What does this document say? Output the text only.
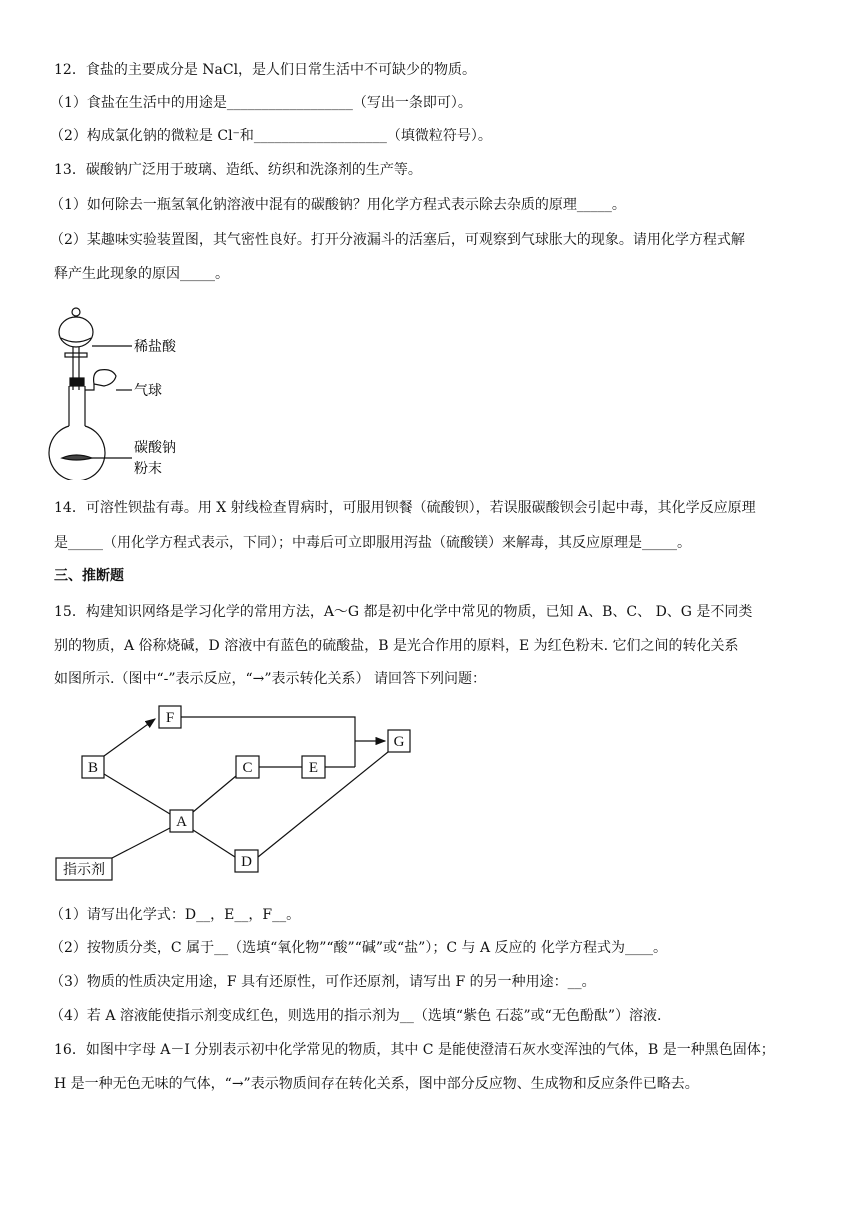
12．食盐的主要成分是 NaCl，是人们日常生活中不可缺少的物质。
（1）食盐在生活中的用途是__________________（写出一条即可）。
（2）构成氯化钠的微粒是 Cl⁻和___________________（填微粒符号）。
13．碳酸钠广泛用于玻璃、造纸、纺织和洗涤剂的生产等。
（1）如何除去一瓶氢氧化钠溶液中混有的碳酸钠？用化学方程式表示除去杂质的原理_____。
（2）某趣味实验装置图，其气密性良好。打开分液漏斗的活塞后，可观察到气球胀大的现象。请用化学方程式解
释产生此现象的原因_____。
稀盐酸
气球
碳酸钠
粉末
14．可溶性钡盐有毒。用 X 射线检查胃病时，可服用钡餐（硫酸钡），若误服碳酸钡会引起中毒，其化学反应原理
是_____（用化学方程式表示，下同）；中毒后可立即服用泻盐（硫酸镁）来解毒，其反应原理是_____。
三、推断题
15．构建知识网络是学习化学的常用方法，A～G 都是初中化学中常见的物质，已知 A、B、C、 D、G 是不同类
别的物质，A 俗称烧碱，D 溶液中有蓝色的硫酸盐，B 是光合作用的原料，E 为红色粉末. 它们之间的转化关系
如图所示.（图中“-”表示反应，“→”表示转化关系） 请回答下列问题：
F
B	C	E
G
A
D
指示剂
（1）请写出化学式：D__，E__，F__。
（2）按物质分类，C 属于__（选填“氧化物”“酸”“碱”或“盐”）；C 与 A 反应的 化学方程式为____。
（3）物质的性质决定用途，F 具有还原性，可作还原剂，请写出 F 的另一种用途：__。
（4）若 A 溶液能使指示剂变成红色，则选用的指示剂为__（选填“紫色 石蕊”或“无色酚酞”）溶液.
16．如图中字母 A－I 分别表示初中化学常见的物质，其中 C 是能使澄清石灰水变浑浊的气体，B 是一种黑色固体；
H 是一种无色无味的气体，“→”表示物质间存在转化关系，图中部分反应物、生成物和反应条件已略去。
